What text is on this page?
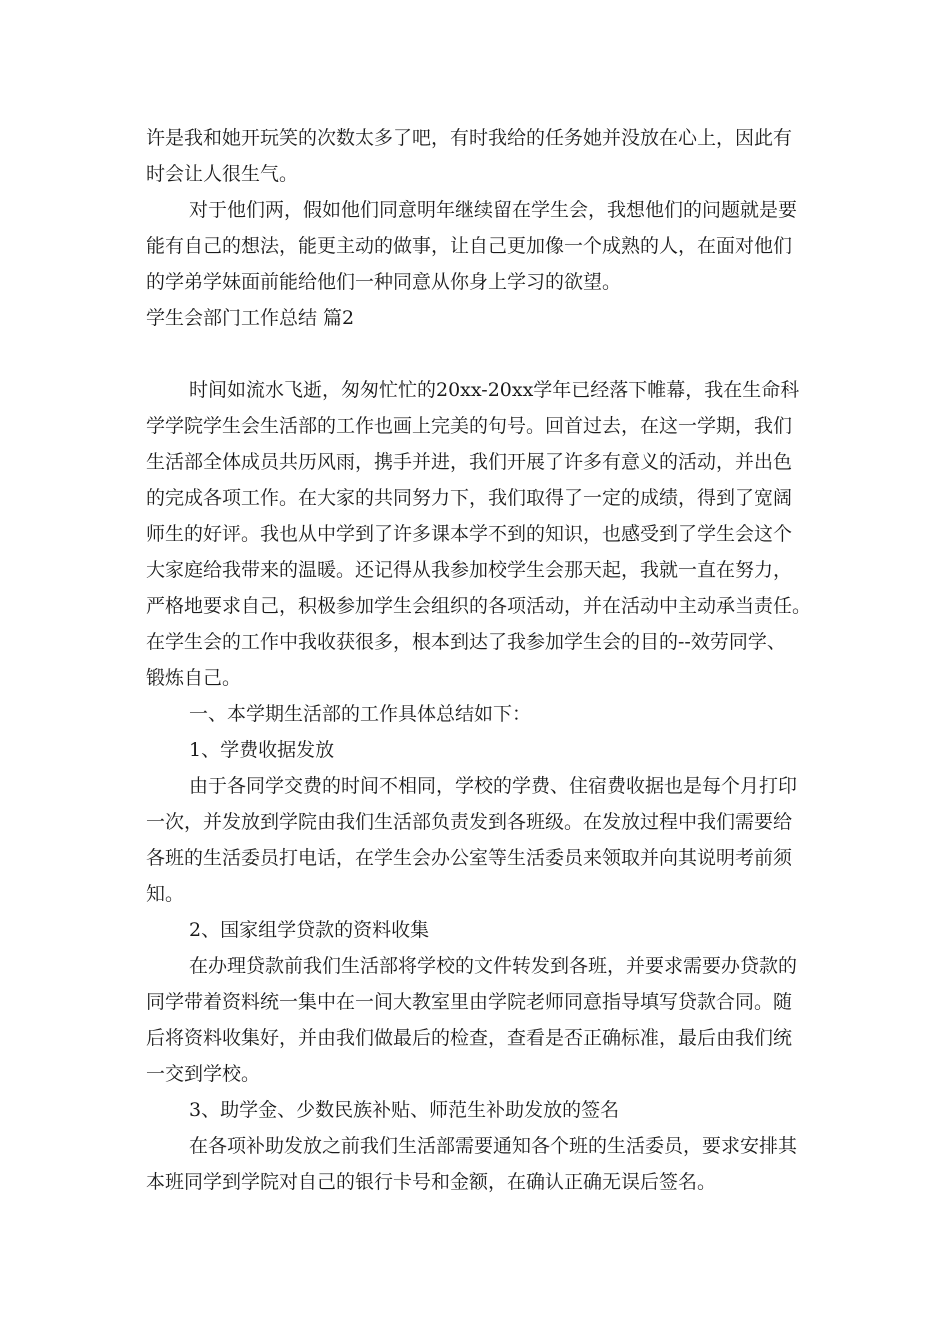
许是我和她开玩笑的次数太多了吧，有时我给的任务她并没放在心上，因此有
时会让人很生气。
对于他们两，假如他们同意明年继续留在学生会，我想他们的问题就是要
能有自己的想法，能更主动的做事，让自己更加像一个成熟的人，在面对他们
的学弟学妹面前能给他们一种同意从你身上学习的欲望。
学生会部门工作总结 篇2
时间如流水飞逝，匆匆忙忙的20xx-20xx学年已经落下帷幕，我在生命科
学学院学生会生活部的工作也画上完美的句号。回首过去，在这一学期，我们
生活部全体成员共历风雨，携手并进，我们开展了许多有意义的活动，并出色
的完成各项工作。在大家的共同努力下，我们取得了一定的成绩，得到了宽阔
师生的好评。我也从中学到了许多课本学不到的知识，也感受到了学生会这个
大家庭给我带来的温暖。还记得从我参加校学生会那天起，我就一直在努力，
严格地要求自己，积极参加学生会组织的各项活动，并在活动中主动承当责任。
在学生会的工作中我收获很多，根本到达了我参加学生会的目的--效劳同学、
锻炼自己。
一、本学期生活部的工作具体总结如下：
1、学费收据发放
由于各同学交费的时间不相同，学校的学费、住宿费收据也是每个月打印
一次，并发放到学院由我们生活部负责发到各班级。在发放过程中我们需要给
各班的生活委员打电话，在学生会办公室等生活委员来领取并向其说明考前须
知。
2、国家组学贷款的资料收集
在办理贷款前我们生活部将学校的文件转发到各班，并要求需要办贷款的
同学带着资料统一集中在一间大教室里由学院老师同意指导填写贷款合同。随
后将资料收集好，并由我们做最后的检查，查看是否正确标准，最后由我们统
一交到学校。
3、助学金、少数民族补贴、师范生补助发放的签名
在各项补助发放之前我们生活部需要通知各个班的生活委员，要求安排其
本班同学到学院对自己的银行卡号和金额，在确认正确无误后签名。
